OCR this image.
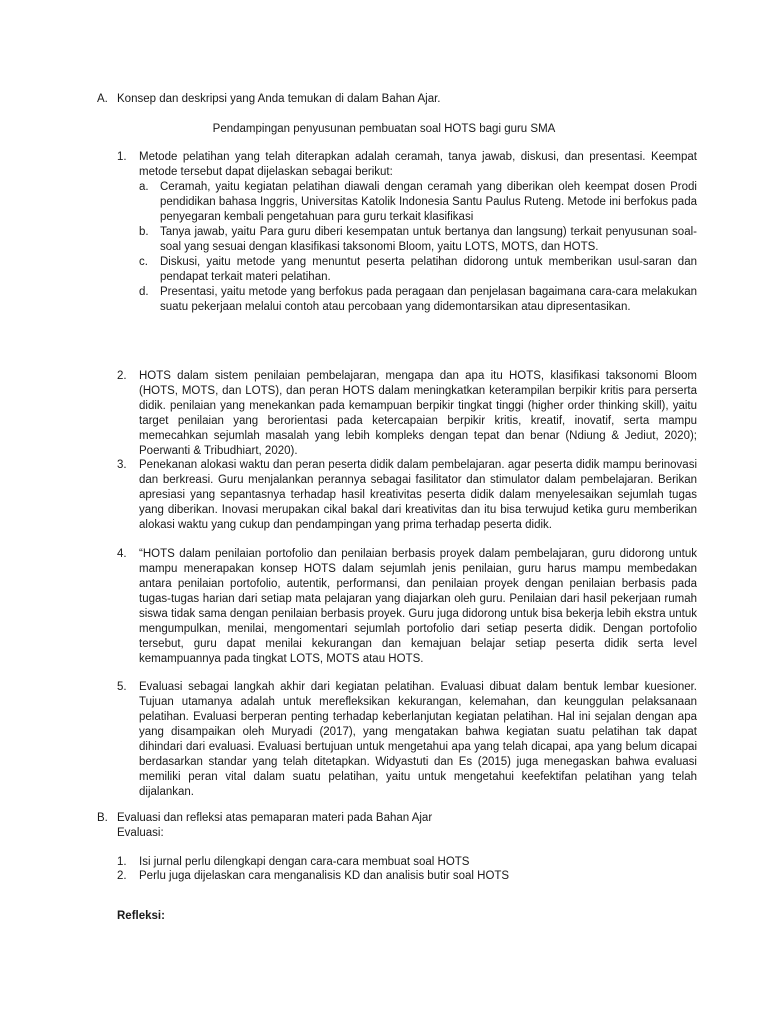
A. Konsep dan deskripsi yang Anda temukan di dalam Bahan Ajar.
Pendampingan penyusunan pembuatan soal HOTS bagi guru SMA
1. Metode pelatihan yang telah diterapkan adalah ceramah, tanya jawab, diskusi, dan presentasi. Keempat metode tersebut dapat dijelaskan sebagai berikut:
a. Ceramah, yaitu kegiatan pelatihan diawali dengan ceramah yang diberikan oleh keempat dosen Prodi pendidikan bahasa Inggris, Universitas Katolik Indonesia Santu Paulus Ruteng. Metode ini berfokus pada penyegaran kembali pengetahuan para guru terkait klasifikasi
b. Tanya jawab, yaitu Para guru diberi kesempatan untuk bertanya dan langsung) terkait penyusunan soal-soal yang sesuai dengan klasifikasi taksonomi Bloom, yaitu LOTS, MOTS, dan HOTS.
c. Diskusi, yaitu metode yang menuntut peserta pelatihan didorong untuk memberikan usul-saran dan pendapat terkait materi pelatihan.
d. Presentasi, yaitu metode yang berfokus pada peragaan dan penjelasan bagaimana cara-cara melakukan suatu pekerjaan melalui contoh atau percobaan yang didemontarsikan atau dipresentasikan.
2. HOTS dalam sistem penilaian pembelajaran, mengapa dan apa itu HOTS, klasifikasi taksonomi Bloom (HOTS, MOTS, dan LOTS), dan peran HOTS dalam meningkatkan keterampilan berpikir kritis para perserta didik. penilaian yang menekankan pada kemampuan berpikir tingkat tinggi (higher order thinking skill), yaitu target penilaian yang berorientasi pada ketercapaian berpikir kritis, kreatif, inovatif, serta mampu memecahkan sejumlah masalah yang lebih kompleks dengan tepat dan benar (Ndiung & Jediut, 2020); Poerwanti & Tribudhiart, 2020).
3. Penekanan alokasi waktu dan peran peserta didik dalam pembelajaran. agar peserta didik mampu berinovasi dan berkreasi. Guru menjalankan perannya sebagai fasilitator dan stimulator dalam pembelajaran. Berikan apresiasi yang sepantasnya terhadap hasil kreativitas peserta didik dalam menyelesaikan sejumlah tugas yang diberikan. Inovasi merupakan cikal bakal dari kreativitas dan itu bisa terwujud ketika guru memberikan alokasi waktu yang cukup dan pendampingan yang prima terhadap peserta didik.
4. “HOTS dalam penilaian portofolio dan penilaian berbasis proyek dalam pembelajaran, guru didorong untuk mampu menerapakan konsep HOTS dalam sejumlah jenis penilaian, guru harus mampu membedakan antara penilaian portofolio, autentik, performansi, dan penilaian proyek dengan penilaian berbasis pada tugas-tugas harian dari setiap mata pelajaran yang diajarkan oleh guru. Penilaian dari hasil pekerjaan rumah siswa tidak sama dengan penilaian berbasis proyek. Guru juga didorong untuk bisa bekerja lebih ekstra untuk mengumpulkan, menilai, mengomentari sejumlah portofolio dari setiap peserta didik. Dengan portofolio tersebut, guru dapat menilai kekurangan dan kemajuan belajar setiap peserta didik serta level kemampuannya pada tingkat LOTS, MOTS atau HOTS.
5. Evaluasi sebagai langkah akhir dari kegiatan pelatihan. Evaluasi dibuat dalam bentuk lembar kuesioner. Tujuan utamanya adalah untuk merefleksikan kekurangan, kelemahan, dan keunggulan pelaksanaan pelatihan. Evaluasi berperan penting terhadap keberlanjutan kegiatan pelatihan. Hal ini sejalan dengan apa yang disampaikan oleh Muryadi (2017), yang mengatakan bahwa kegiatan suatu pelatihan tak dapat dihindari dari evaluasi. Evaluasi bertujuan untuk mengetahui apa yang telah dicapai, apa yang belum dicapai berdasarkan standar yang telah ditetapkan. Widyastuti dan Es (2015) juga menegaskan bahwa evaluasi memiliki peran vital dalam suatu pelatihan, yaitu untuk mengetahui keefektifan pelatihan yang telah dijalankan.
B. Evaluasi dan refleksi atas pemaparan materi pada Bahan Ajar
Evaluasi:
1. Isi jurnal perlu dilengkapi dengan cara-cara membuat soal HOTS
2. Perlu juga dijelaskan cara menganalisis KD dan analisis butir soal HOTS
Refleksi:
